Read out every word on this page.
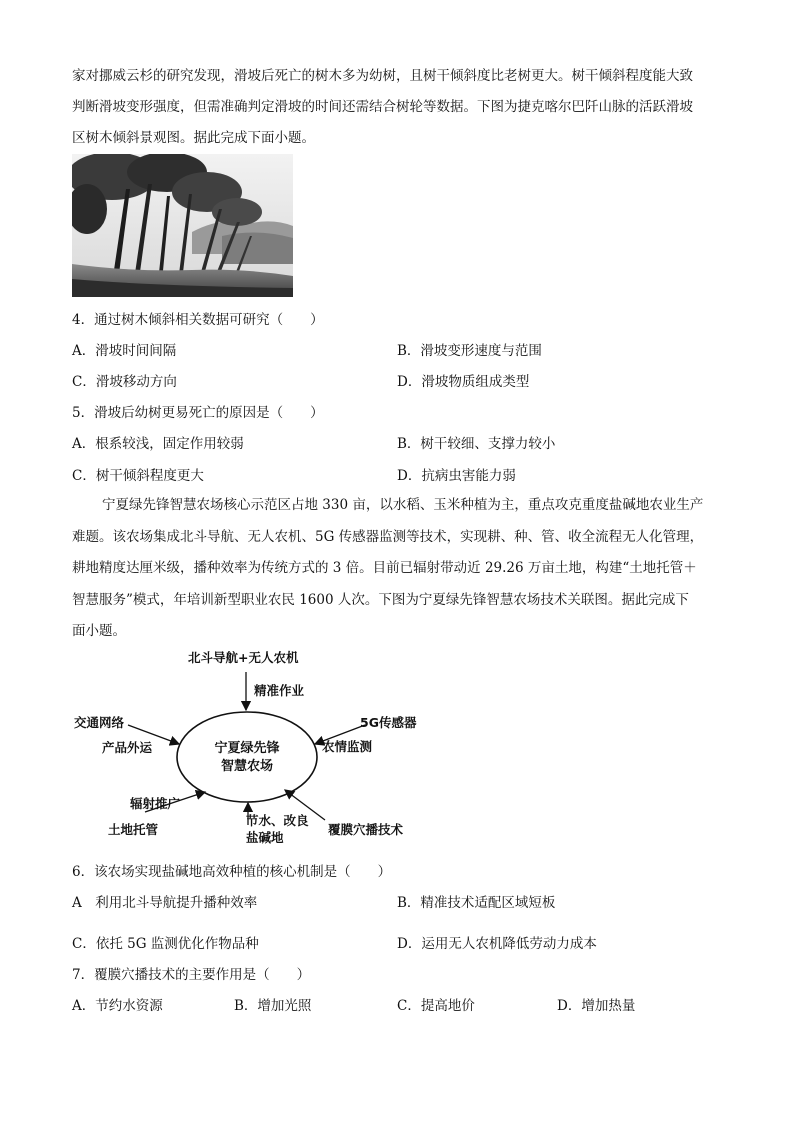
家对挪威云杉的研究发现，滑坡后死亡的树木多为幼树，且树干倾斜度比老树更大。树干倾斜程度能大致
判断滑坡变形强度，但需准确判定滑坡的时间还需结合树轮等数据。下图为捷克喀尔巴阡山脉的活跃滑坡
区树木倾斜景观图。据此完成下面小题。
4．通过树木倾斜相关数据可研究（　　）
A．滑坡时间间隔	B．滑坡变形速度与范围
C．滑坡移动方向	D．滑坡物质组成类型
5．滑坡后幼树更易死亡的原因是（　　）
A．根系较浅，固定作用较弱	B．树干较细、支撑力较小
C．树干倾斜程度更大	D．抗病虫害能力弱
宁夏绿先锋智慧农场核心示范区占地 330 亩，以水稻、玉米种植为主，重点攻克重度盐碱地农业生产
难题。该农场集成北斗导航、无人农机、5G 传感器监测等技术，实现耕、种、管、收全流程无人化管理，
耕地精度达厘米级，播种效率为传统方式的 3 倍。目前已辐射带动近 29.26 万亩土地，构建“土地托管＋
智慧服务”模式，年培训新型职业农民 1600 人次。下图为宁夏绿先锋智慧农场技术关联图。据此完成下
面小题。
北斗导航+无人农机
精准作业
交通网络
产品外运
5G传感器
农情监测
宁夏绿先锋
智慧农场
辐射推广
土地托管
节水、改良
盐碱地
覆膜穴播技术
6．该农场实现盐碱地高效种植的核心机制是（　　）
A　利用北斗导航提升播种效率	B．精准技术适配区域短板
C．依托 5G 监测优化作物品种	D．运用无人农机降低劳动力成本
7．覆膜穴播技术的主要作用是（　　）
A．节约水资源	B．增加光照	C．提高地价	D．增加热量
